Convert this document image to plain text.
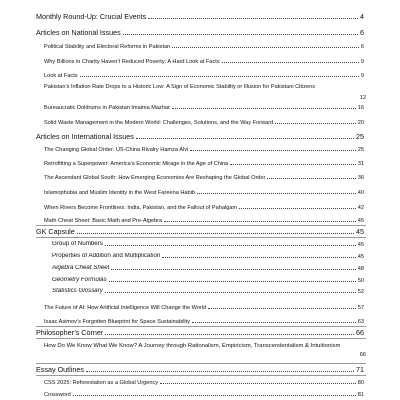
Monthly Round-Up: Crucial Events	4
Articles on National Issues	6
Political Stability and Electoral Reforms in Pakistan	6
Why Billions in Charity Haven’t Reduced Poverty: A Hard Look at Facts	9
Look at Facts	9
Pakistan’s Inflation Rate Drops to a Historic Low: A Sign of Economic Stability or Illusion for Pakistani Citizens
12
Bureaucratic Doldrums in Pakistan Imaima Mazhar	16
Solid Waste Management in the Modern World: Challenges, Solutions, and the Way Forward	20
Articles on International Issues	25
The Changing Global Order: US-China Rivalry Hamza Alvi	25
Retrofitting a Superpower: America’s Economic Mirage in the Age of China	31
The Ascendant Global South: How Emerging Economies Are Reshaping the Global Order	36
Islamophobia and Muslim Identity in the West Fareena Habib	40
When Rivers Become Frontlines: India, Pakistan, and the Fallout of Pahalgam	42
Math Cheat Sheet: Basic Math and Pre-Algebra	45
GK Capsule	45
Group of Numbers	45
Properties of Addition and Multiplication	45
Algebra Cheat Sheet	48
Geometry Formulas	50
Statistics Glossary	52
The Future of AI: How Artificial Intelligence Will Change the World	57
Isaac Asimov’s Forgotten Blueprint for Space Sustainability	63
Philosopher’s Corner	66
How Do We Know What We Know? A Journey through Rationalism, Empiricism, Transcendentalism & Intuitionism
66
Essay Outlines	71
CSS 2025: Reforestation as a Global Urgency	80
Crossword	81
